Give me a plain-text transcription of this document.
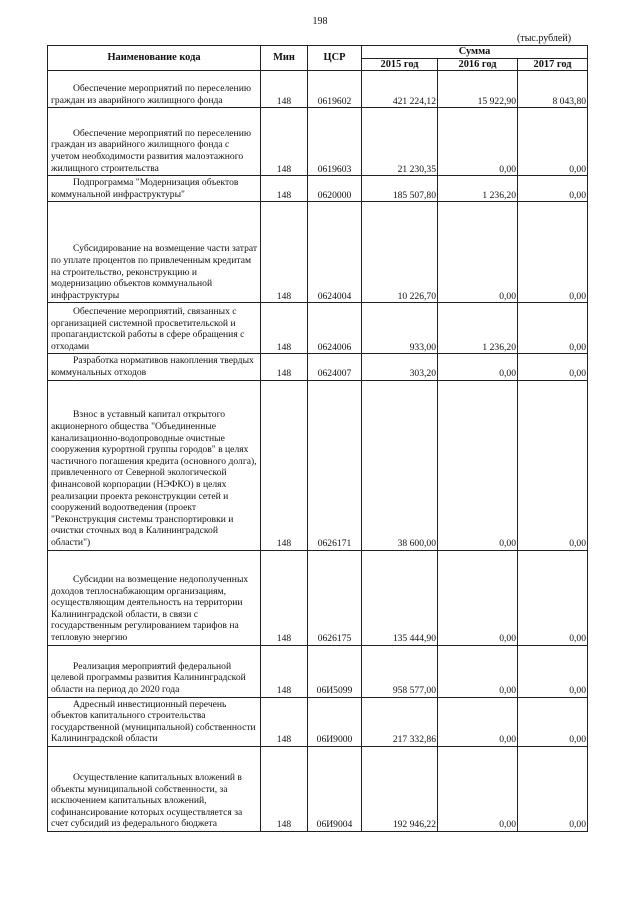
198
(тыс.рублей)
Наименование кода	Мин	ЦСР	Сумма		
			2015 год	2016 год	2017 год
Обеспечение мероприятий по переселению граждан из аварийного жилищного фонда	148	0619602	421 224,12	15 922,90	8 043,80
Обеспечение мероприятий по переселению граждан из аварийного жилищного фонда с учетом необходимости развития малоэтажного жилищного строительства	148	0619603	21 230,35	0,00	0,00
Подпрограмма "Модернизация объектов коммунальной инфраструктуры"	148	0620000	185 507,80	1 236,20	0,00
Субсидирование на возмещение части затрат по уплате процентов по привлеченным кредитам на строительство, реконструкцию и модернизацию объектов коммунальной инфраструктуры	148	0624004	10 226,70	0,00	0,00
Обеспечение мероприятий, связанных с организацией системной просветительской и пропагандистской работы в сфере обращения с отходами	148	0624006	933,00	1 236,20	0,00
Разработка нормативов накопления твердых коммунальных отходов	148	0624007	303,20	0,00	0,00
Взнос в уставный капитал открытого акционерного общества "Объединенные канализационно-водопроводные очистные сооружения курортной группы городов" в целях частичного погашения кредита (основного долга), привлеченного от Северной экологической финансовой корпорации (НЭФКО) в целях реализации проекта реконструкции сетей и сооружений водоотведения (проект "Реконструкция системы транспортировки и очистки сточных вод в Калининградской области")	148	0626171	38 600,00	0,00	0,00
Субсидии на возмещение недополученных доходов теплоснабжающим организациям, осуществляющим деятельность на территории Калининградской области, в связи с государственным регулированием тарифов на тепловую энергию	148	0626175	135 444,90	0,00	0,00
Реализация мероприятий федеральной целевой программы развития Калининградской области на период до 2020 года	148	06И5099	958 577,00	0,00	0,00
Адресный инвестиционный перечень объектов капитального строительства государственной (муниципальной) собственности Калининградской области	148	06И9000	217 332,86	0,00	0,00
Осуществление капитальных вложений в объекты муниципальной собственности, за исключением капитальных вложений, софинансирование которых осуществляется за счет субсидий из федерального бюджета	148	06И9004	192 946,22	0,00	0,00
